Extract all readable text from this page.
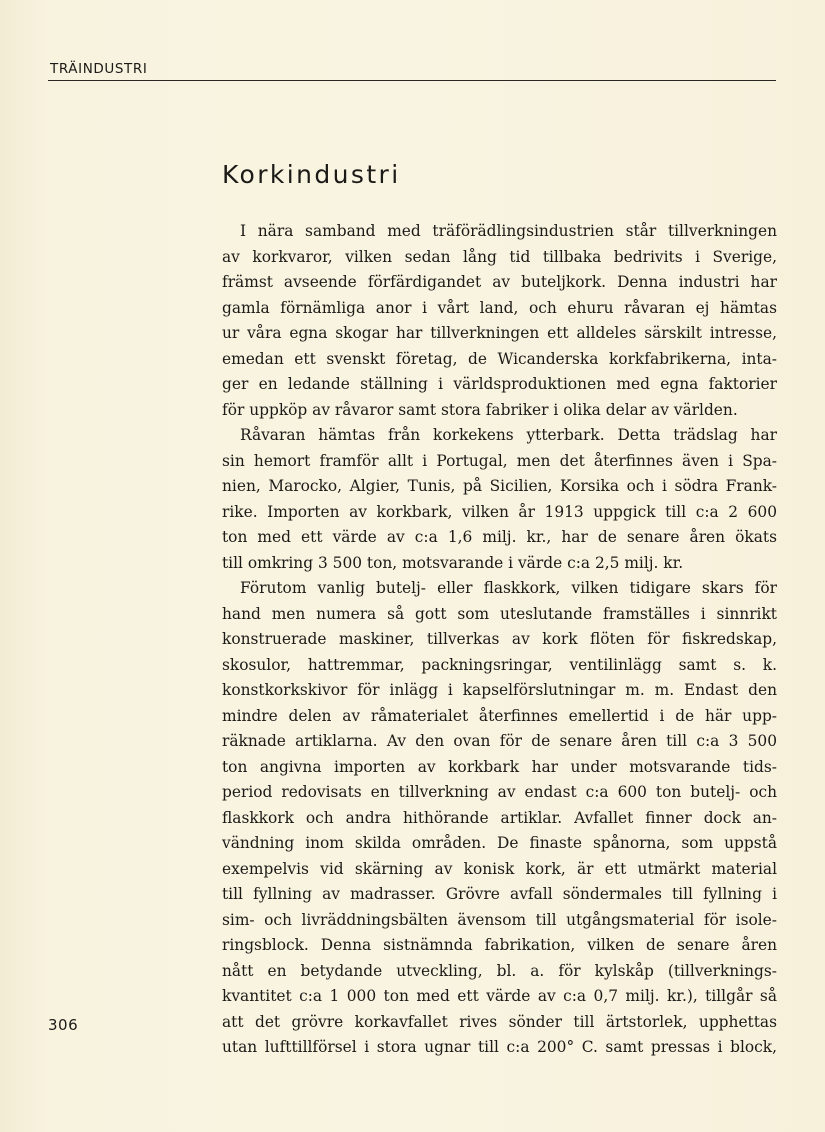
TRÄINDUSTRI
Korkindustri
I nära samband med träförädlingsindustrien står tillverkningen
av korkvaror, vilken sedan lång tid tillbaka bedrivits i Sverige,
främst avseende förfärdigandet av buteljkork. Denna industri har
gamla förnämliga anor i vårt land, och ehuru råvaran ej hämtas
ur våra egna skogar har tillverkningen ett alldeles särskilt intresse,
emedan ett svenskt företag, de Wicanderska korkfabrikerna, inta-
ger en ledande ställning i världsproduktionen med egna faktorier
för uppköp av råvaror samt stora fabriker i olika delar av världen.
Råvaran hämtas från korkekens ytterbark. Detta trädslag har
sin hemort framför allt i Portugal, men det återfinnes även i Spa-
nien, Marocko, Algier, Tunis, på Sicilien, Korsika och i södra Frank-
rike. Importen av korkbark, vilken år 1913 uppgick till c:a 2 600
ton med ett värde av c:a 1,6 milj. kr., har de senare åren ökats
till omkring 3 500 ton, motsvarande i värde c:a 2,5 milj. kr.
Förutom vanlig butelj- eller flaskkork, vilken tidigare skars för
hand men numera så gott som uteslutande framställes i sinnrikt
konstruerade maskiner, tillverkas av kork flöten för fiskredskap,
skosulor, hattremmar, packningsringar, ventilinlägg samt s. k.
konstkorkskivor för inlägg i kapselförslutningar m. m. Endast den
mindre delen av råmaterialet återfinnes emellertid i de här upp-
räknade artiklarna. Av den ovan för de senare åren till c:a 3 500
ton angivna importen av korkbark har under motsvarande tids-
period redovisats en tillverkning av endast c:a 600 ton butelj- och
flaskkork och andra hithörande artiklar. Avfallet finner dock an-
vändning inom skilda områden. De finaste spånorna, som uppstå
exempelvis vid skärning av konisk kork, är ett utmärkt material
till fyllning av madrasser. Grövre avfall söndermales till fyllning i
sim- och livräddningsbälten ävensom till utgångsmaterial för isole-
ringsblock. Denna sistnämnda fabrikation, vilken de senare åren
nått en betydande utveckling, bl. a. för kylskåp (tillverknings-
kvantitet c:a 1 000 ton med ett värde av c:a 0,7 milj. kr.), tillgår så
att det grövre korkavfallet rives sönder till ärtstorlek, upphettas
utan lufttillförsel i stora ugnar till c:a 200° C. samt pressas i block,
306
